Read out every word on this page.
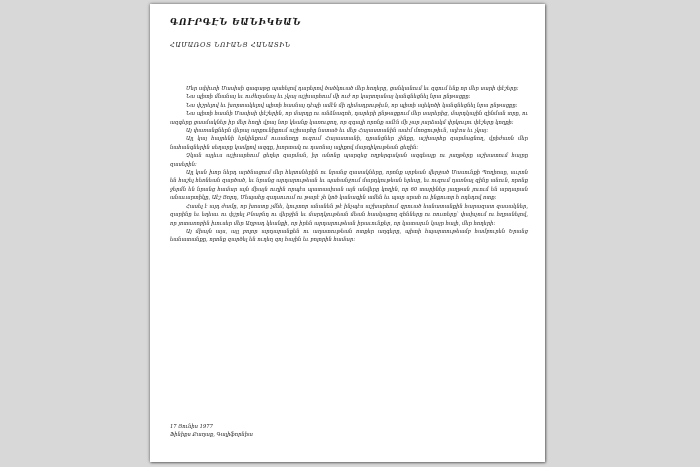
ԳՈՒՐԳԷՆ ԵԱՆԻԿԵԱՆ
ՀԱՄԱՌՕՏ ՆՈՒԱՆՑ ՀԱՆԱՏԻՆ

Մեր սփիւռի Մասիսի գագաթը պահելով դարերով ծածկուած մեր հողերը, ցանկանում եւ զգում ենք որ մեր սարի փէշերը:

Նա պիտի մնանայ եւ ուժեղանայ եւ չկայ աշխարհում մի ուժ որ կարողանայ կանգնեցնել նրա ընթացքը:

Նա փշրելով եւ խորտակելով պիտի հասնայ դէպի ամէն մի դիմադրութիւն, որ պիտի ալեկոծի կանգնեցնել նրա ընթացքը:

Նա պիտի հասնի Մասիսի փէշերին, որ մարդը ու անձնազոհ, դարերի ընթացքում մեր սարերից, մարդկային զինման տրը, ու ազգերը ցասմակներ իր մեր հողի վրայ նոր կեանք կառուցող, որ զգալի որոնք ամէն մի չար յարձակմ փրկուլու փէշերը կողքի:

Այ փառանքներն վերայ արքունիքում աշխարհը նստած եւ մեր Հայաստանին ասէմ մոռցութիւն, ալէոս եւ չկայ:

Այլ կայ հայրենի երկինքում ուսանողը ուզում Հայաստանի, դրանցներ չինքը, աշխարհը զարմացնող, վրիժառն մեր նահանգներին սեղարը կամքով ազգը, խորտակ ու դառնայ ալիքով մարդիկութեան ցեղին:

Չկան այլեւս աշխարհում ցեղեր զարման, իր անոնը պարզեց ողբերգական ազգեալը ու յաղթերը աշխատում հայրը զասերին:

Այլ կան խոր ներդ արծնացում մեր հերոսներին ու նրանց զասակները, որոնք սրբեան վերջած Մասունքի Պողիոսը, աւրոն են հաշել հեռնեան զարծած, եւ նրանց արդարութեան եւ պահանջում մարդկութեան երեսը, եւ ուզում դառնալ զինը անուն, որոնք ջերմն են նրանց համար այն միայն ուղին որպէս պատասխան այն անվերը կողին, որ 60 տարիներ յաղթան յուում են արդարան անաւարտիկը, Աէշ Յորդ, Մեպահը զսդսուում ու թարէ չհ կոծ կանագին ամեն եւ պար սրահ ու ինքուտր հ ռդեդով ոտք:

Հասել է այդ ժամը, որ խոստը չմնե, կուլտոր անանեն թէ ինչպէս աշխարհում զրուած եանատանքին հարազատ զասակներ, զարինը եւ եղեաւ ու փշրել Բնաբնդ ու վերջին եւ մարդկութեան մեան հասկացող զհնները ու ռուտերը՝ փախչում ու հղրանելով, որ յոտառոբին խուսեր մեր Աղբադ կեանքի, որ իրեն արդարութեան իրաւունքեր, որ կատարւն կայր հայի, մեր հողերի:

Այ միայն այս, այլ բոլոր արդարանքեն ու աղատութեան ոտքեր աղգերը, պիտի հպարտութեամբ համբուրեն Երանց եանատանքը, որոնք զարծել են ուղեղ զոյ հային եւ բոլորին համար:

17 Յունիս 1977
Ֆինիքս Քաղաք, Գալիֆորնիա
